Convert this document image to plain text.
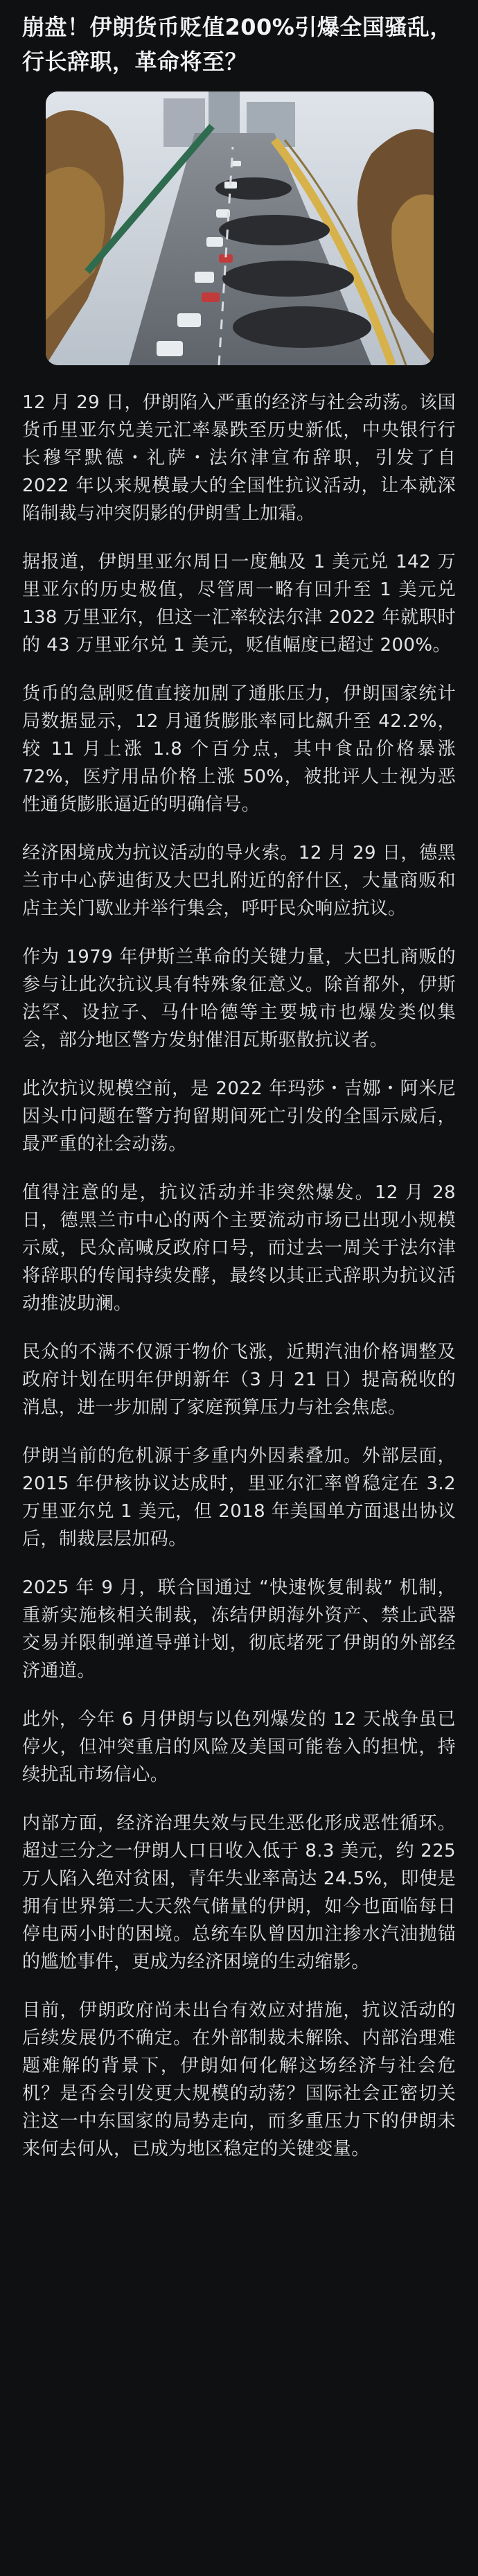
崩盘！伊朗货币贬值200%引爆全国骚乱，行长辞职，革命将至？

12 月 29 日，伊朗陷入严重的经济与社会动荡。该国货币里亚尔兑美元汇率暴跌至历史新低，中央银行行长穆罕默德・礼萨・法尔津宣布辞职，引发了自 2022 年以来规模最大的全国性抗议活动，让本就深陷制裁与冲突阴影的伊朗雪上加霜。

据报道，伊朗里亚尔周日一度触及 1 美元兑 142 万里亚尔的历史极值，尽管周一略有回升至 1 美元兑 138 万里亚尔，但这一汇率较法尔津 2022 年就职时的 43 万里亚尔兑 1 美元，贬值幅度已超过 200%。

货币的急剧贬值直接加剧了通胀压力，伊朗国家统计局数据显示，12 月通货膨胀率同比飙升至 42.2%，较 11 月上涨 1.8 个百分点，其中食品价格暴涨 72%，医疗用品价格上涨 50%，被批评人士视为恶性通货膨胀逼近的明确信号。

经济困境成为抗议活动的导火索。12 月 29 日，德黑兰市中心萨迪街及大巴扎附近的舒什区，大量商贩和店主关门歇业并举行集会，呼吁民众响应抗议。

作为 1979 年伊斯兰革命的关键力量，大巴扎商贩的参与让此次抗议具有特殊象征意义。除首都外，伊斯法罕、设拉子、马什哈德等主要城市也爆发类似集会，部分地区警方发射催泪瓦斯驱散抗议者。

此次抗议规模空前，是 2022 年玛莎・吉娜・阿米尼因头巾问题在警方拘留期间死亡引发的全国示威后，最严重的社会动荡。

值得注意的是，抗议活动并非突然爆发。12 月 28 日，德黑兰市中心的两个主要流动市场已出现小规模示威，民众高喊反政府口号，而过去一周关于法尔津将辞职的传闻持续发酵，最终以其正式辞职为抗议活动推波助澜。

民众的不满不仅源于物价飞涨，近期汽油价格调整及政府计划在明年伊朗新年（3 月 21 日）提高税收的消息，进一步加剧了家庭预算压力与社会焦虑。

伊朗当前的危机源于多重内外因素叠加。外部层面，2015 年伊核协议达成时，里亚尔汇率曾稳定在 3.2 万里亚尔兑 1 美元，但 2018 年美国单方面退出协议后，制裁层层加码。

2025 年 9 月，联合国通过 “快速恢复制裁” 机制，重新实施核相关制裁，冻结伊朗海外资产、禁止武器交易并限制弹道导弹计划，彻底堵死了伊朗的外部经济通道。

此外，今年 6 月伊朗与以色列爆发的 12 天战争虽已停火，但冲突重启的风险及美国可能卷入的担忧，持续扰乱市场信心。

内部方面，经济治理失效与民生恶化形成恶性循环。超过三分之一伊朗人口日收入低于 8.3 美元，约 225 万人陷入绝对贫困，青年失业率高达 24.5%，即使是拥有世界第二大天然气储量的伊朗，如今也面临每日停电两小时的困境。总统车队曾因加注掺水汽油抛锚的尴尬事件，更成为经济困境的生动缩影。

目前，伊朗政府尚未出台有效应对措施，抗议活动的后续发展仍不确定。在外部制裁未解除、内部治理难题难解的背景下，伊朗如何化解这场经济与社会危机？是否会引发更大规模的动荡？国际社会正密切关注这一中东国家的局势走向，而多重压力下的伊朗未来何去何从，已成为地区稳定的关键变量。
